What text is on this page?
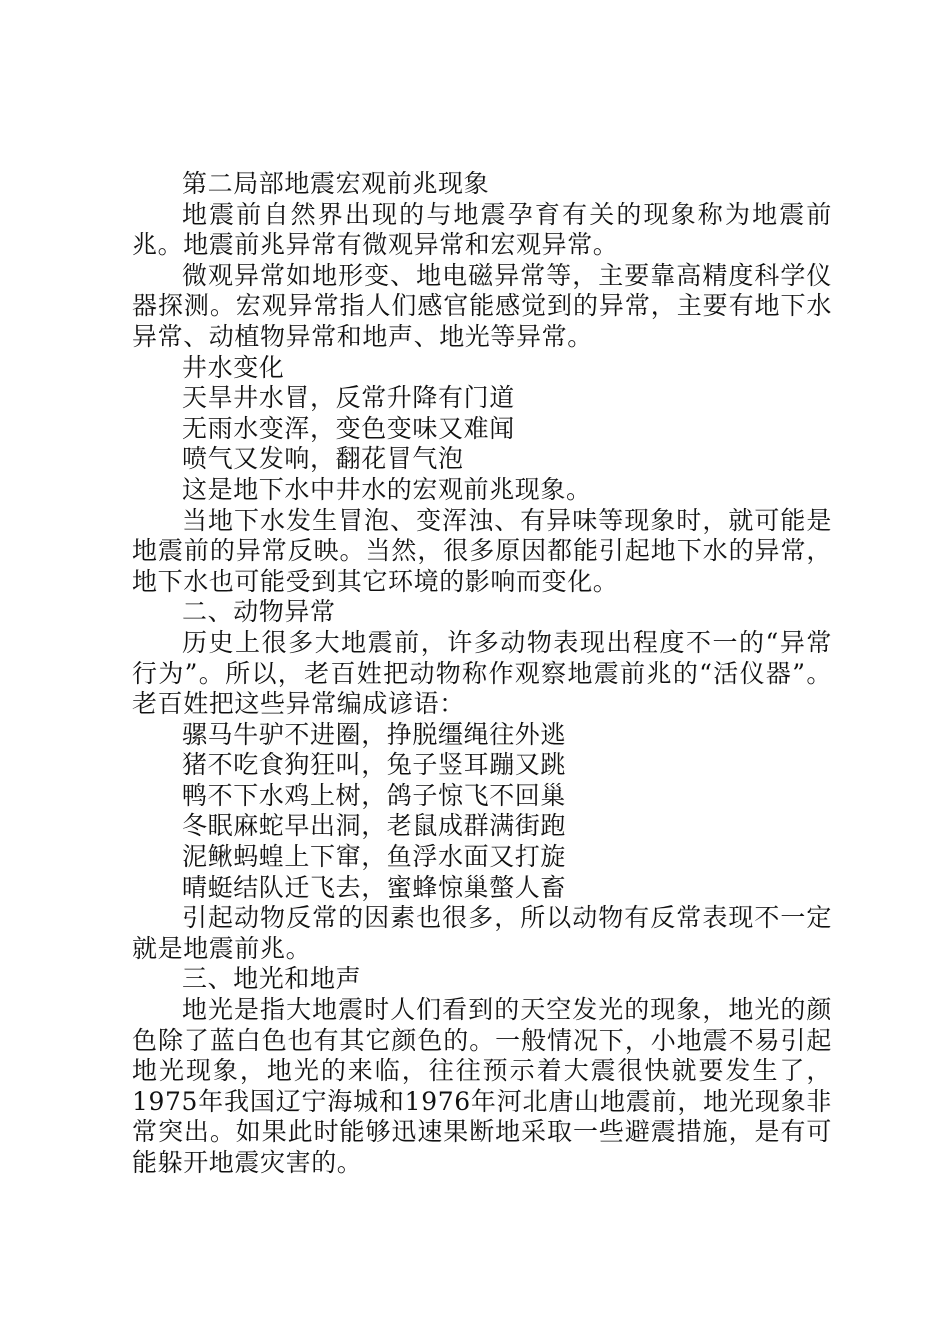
第二局部地震宏观前兆现象

地震前自然界出现的与地震孕育有关的现象称为地震前兆。地震前兆异常有微观异常和宏观异常。

微观异常如地形变、地电磁异常等，主要靠高精度科学仪器探测。宏观异常指人们感官能感觉到的异常，主要有地下水异常、动植物异常和地声、地光等异常。

井水变化

天旱井水冒，反常升降有门道

无雨水变浑，变色变味又难闻

喷气又发响，翻花冒气泡

这是地下水中井水的宏观前兆现象。

当地下水发生冒泡、变浑浊、有异味等现象时，就可能是地震前的异常反映。当然，很多原因都能引起地下水的异常，地下水也可能受到其它环境的影响而变化。

二、动物异常

历史上很多大地震前，许多动物表现出程度不一的“异常行为”。所以，老百姓把动物称作观察地震前兆的“活仪器”。老百姓把这些异常编成谚语：

骡马牛驴不进圈，挣脱缰绳往外逃

猪不吃食狗狂叫，兔子竖耳蹦又跳

鸭不下水鸡上树，鸽子惊飞不回巢

冬眠麻蛇早出洞，老鼠成群满街跑

泥鳅蚂蝗上下窜，鱼浮水面又打旋

晴蜓结队迁飞去，蜜蜂惊巢螫人畜

引起动物反常的因素也很多，所以动物有反常表现不一定就是地震前兆。

三、地光和地声

地光是指大地震时人们看到的天空发光的现象，地光的颜色除了蓝白色也有其它颜色的。一般情况下，小地震不易引起地光现象，地光的来临，往往预示着大震很快就要发生了，1975年我国辽宁海城和1976年河北唐山地震前，地光现象非常突出。如果此时能够迅速果断地采取一些避震措施，是有可能躲开地震灾害的。
